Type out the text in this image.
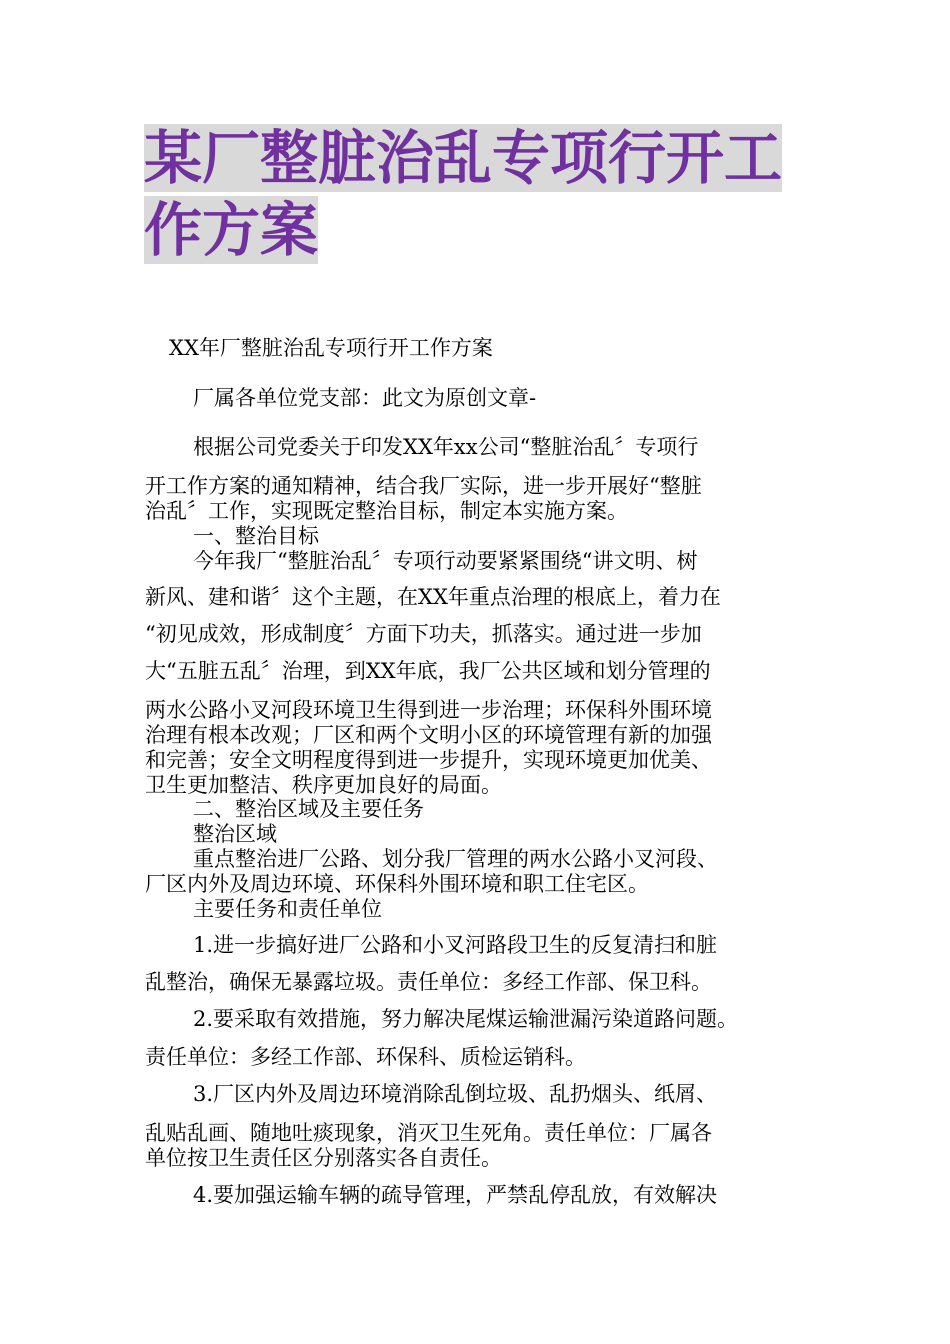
某厂整脏治乱专项行开工
作方案

XX年厂整脏治乱专项行开工作方案

厂属各单位党支部：此文为原创文章-

根据公司党委关于印发XX年xx公司“整脏治乱〞专项行

开工作方案的通知精神，结合我厂实际，进一步开展好“整脏

治乱〞工作，实现既定整治目标，制定本实施方案。

一、整治目标

今年我厂“整脏治乱〞专项行动要紧紧围绕“讲文明、树

新风、建和谐〞这个主题，在XX年重点治理的根底上，着力在

“初见成效，形成制度〞方面下功夫，抓落实。通过进一步加

大“五脏五乱〞治理，到XX年底，我厂公共区域和划分管理的

两水公路小叉河段环境卫生得到进一步治理；环保科外围环境

治理有根本改观；厂区和两个文明小区的环境管理有新的加强

和完善；安全文明程度得到进一步提升，实现环境更加优美、

卫生更加整洁、秩序更加良好的局面。

二、整治区域及主要任务

整治区域

重点整治进厂公路、划分我厂管理的两水公路小叉河段、

厂区内外及周边环境、环保科外围环境和职工住宅区。

主要任务和责任单位

1.进一步搞好进厂公路和小叉河路段卫生的反复清扫和脏

乱整治，确保无暴露垃圾。责任单位：多经工作部、保卫科。

2.要采取有效措施，努力解决尾煤运输泄漏污染道路问题。

责任单位：多经工作部、环保科、质检运销科。

3.厂区内外及周边环境消除乱倒垃圾、乱扔烟头、纸屑、

乱贴乱画、随地吐痰现象，消灭卫生死角。责任单位：厂属各

单位按卫生责任区分别落实各自责任。

4.要加强运输车辆的疏导管理，严禁乱停乱放，有效解决
